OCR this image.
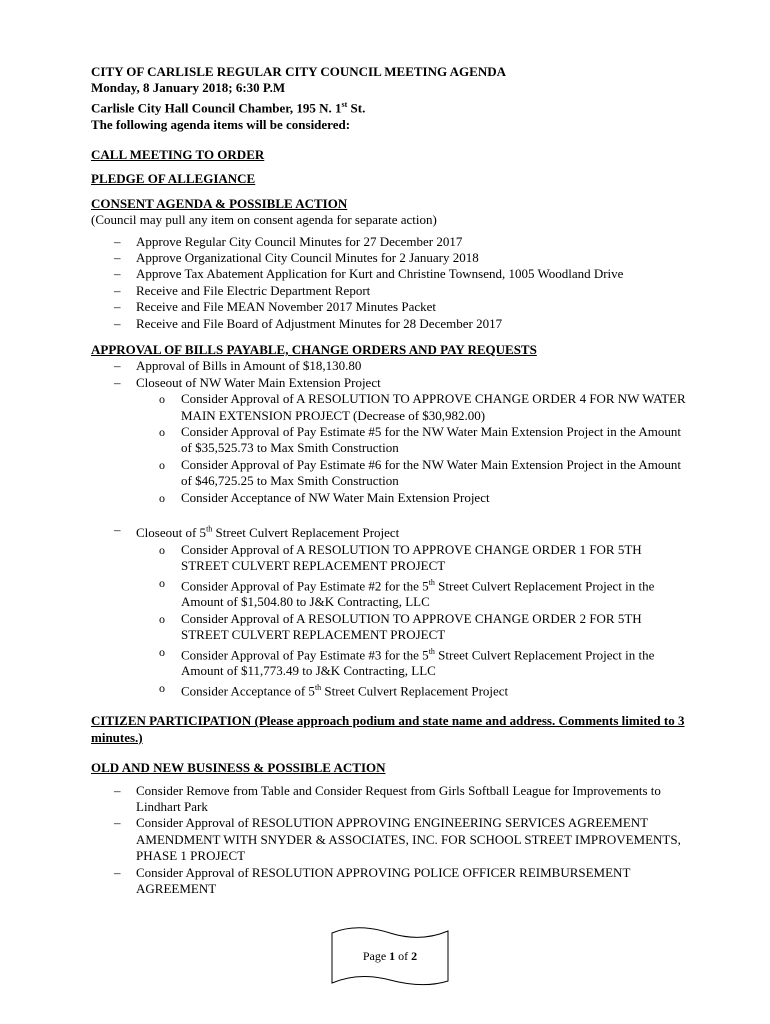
CITY OF CARLISLE REGULAR CITY COUNCIL MEETING AGENDA
Monday, 8 January 2018; 6:30 P.M
Carlisle City Hall Council Chamber, 195 N. 1st St.
The following agenda items will be considered:
CALL MEETING TO ORDER
PLEDGE OF ALLEGIANCE
CONSENT AGENDA & POSSIBLE ACTION
(Council may pull any item on consent agenda for separate action)
– Approve Regular City Council Minutes for 27 December 2017
– Approve Organizational City Council Minutes for 2 January 2018
– Approve Tax Abatement Application for Kurt and Christine Townsend, 1005 Woodland Drive
– Receive and File Electric Department Report
– Receive and File MEAN November 2017 Minutes Packet
– Receive and File Board of Adjustment Minutes for 28 December 2017
APPROVAL OF BILLS PAYABLE, CHANGE ORDERS AND PAY REQUESTS
– Approval of Bills in Amount of $18,130.80
– Closeout of NW Water Main Extension Project
o Consider Approval of A RESOLUTION TO APPROVE CHANGE ORDER 4 FOR NW WATER MAIN EXTENSION PROJECT (Decrease of $30,982.00)
o Consider Approval of Pay Estimate #5 for the NW Water Main Extension Project in the Amount of $35,525.73 to Max Smith Construction
o Consider Approval of Pay Estimate #6 for the NW Water Main Extension Project in the Amount of $46,725.25 to Max Smith Construction
o Consider Acceptance of NW Water Main Extension Project
– Closeout of 5th Street Culvert Replacement Project
o Consider Approval of A RESOLUTION TO APPROVE CHANGE ORDER 1 FOR 5TH STREET CULVERT REPLACEMENT PROJECT
o Consider Approval of Pay Estimate #2 for the 5th Street Culvert Replacement Project in the Amount of $1,504.80 to J&K Contracting, LLC
o Consider Approval of A RESOLUTION TO APPROVE CHANGE ORDER 2 FOR 5TH STREET CULVERT REPLACEMENT PROJECT
o Consider Approval of Pay Estimate #3 for the 5th Street Culvert Replacement Project in the Amount of $11,773.49 to J&K Contracting, LLC
o Consider Acceptance of 5th Street Culvert Replacement Project
CITIZEN PARTICIPATION (Please approach podium and state name and address. Comments limited to 3 minutes.)
OLD AND NEW BUSINESS & POSSIBLE ACTION
– Consider Remove from Table and Consider Request from Girls Softball League for Improvements to Lindhart Park
– Consider Approval of RESOLUTION APPROVING ENGINEERING SERVICES AGREEMENT AMENDMENT WITH SNYDER & ASSOCIATES, INC. FOR SCHOOL STREET IMPROVEMENTS, PHASE 1 PROJECT
– Consider Approval of RESOLUTION APPROVING POLICE OFFICER REIMBURSEMENT AGREEMENT
Page 1 of 2
